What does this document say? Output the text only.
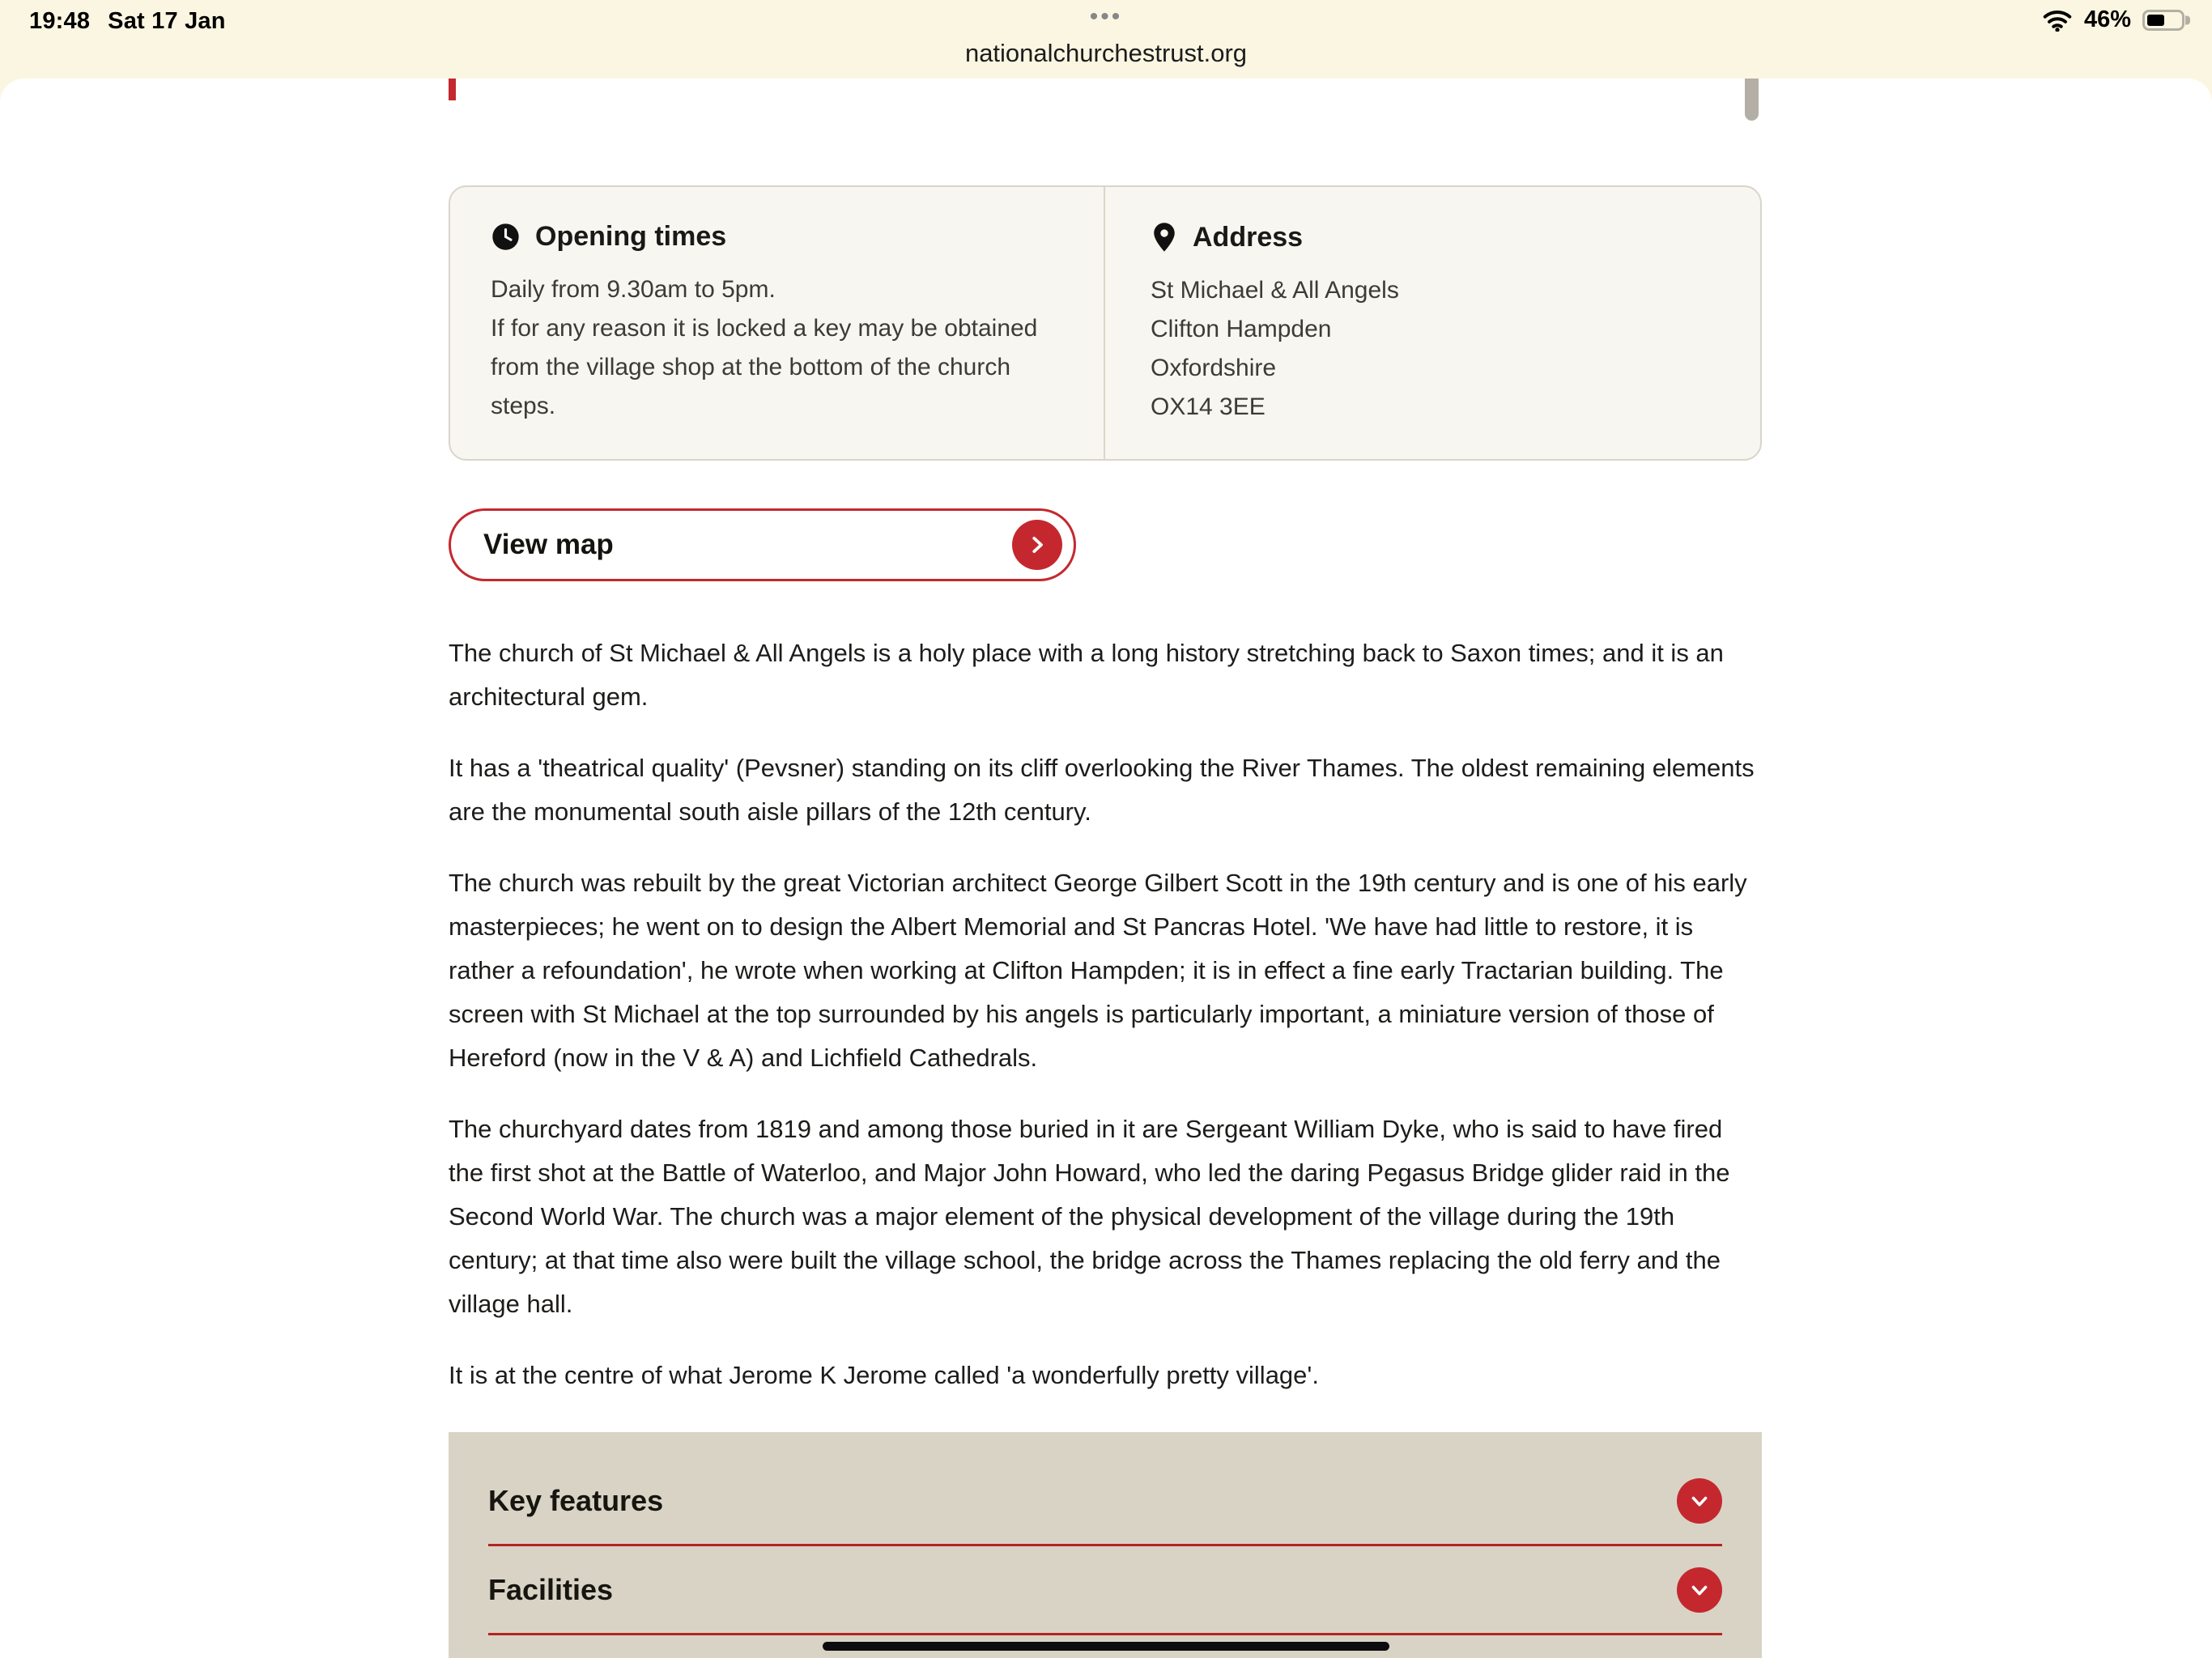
19:48 Sat 17 Jan	•••	46%
nationalchurchestrust.org
Opening times

Daily from 9.30am to 5pm.

If for any reason it is locked a key may be obtained from the village shop at the bottom of the church steps.

Address

St Michael & All Angels

Clifton Hampden

Oxfordshire

OX14 3EE

View map

The church of St Michael & All Angels is a holy place with a long history stretching back to Saxon times; and it is an architectural gem.

It has a 'theatrical quality' (Pevsner) standing on its cliff overlooking the River Thames. The oldest remaining elements are the monumental south aisle pillars of the 12th century.

The church was rebuilt by the great Victorian architect George Gilbert Scott in the 19th century and is one of his early masterpieces; he went on to design the Albert Memorial and St Pancras Hotel. 'We have had little to restore, it is rather a refoundation', he wrote when working at Clifton Hampden; it is in effect a fine early Tractarian building. The screen with St Michael at the top surrounded by his angels is particularly important, a miniature version of those of Hereford (now in the V & A) and Lichfield Cathedrals.

The churchyard dates from 1819 and among those buried in it are Sergeant William Dyke, who is said to have fired the first shot at the Battle of Waterloo, and Major John Howard, who led the daring Pegasus Bridge glider raid in the Second World War. The church was a major element of the physical development of the village during the 19th century; at that time also were built the village school, the bridge across the Thames replacing the old ferry and the village hall.

It is at the centre of what Jerome K Jerome called 'a wonderfully pretty village'.

Key features
Facilities
